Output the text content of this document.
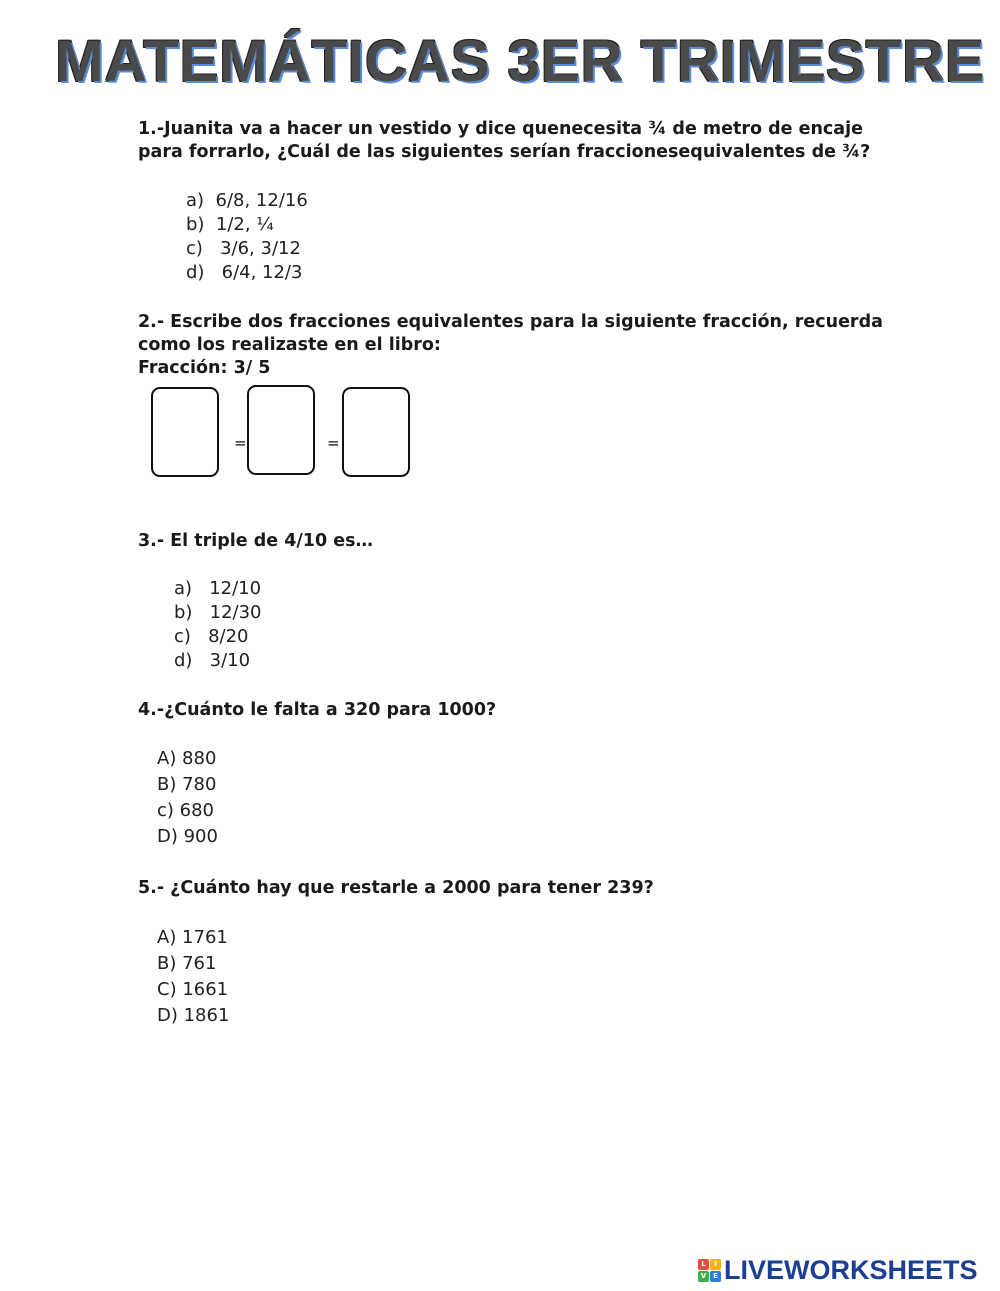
MATEMÁTICAS 3ER TRIMESTRE
1.-Juanita va a hacer un vestido y dice quenecesita ¾ de metro de encaje
para forrarlo, ¿Cuál de las siguientes serían fraccionesequivalentes de ¾?
a)  6/8, 12/16
b)  1/2, ¼
c)   3/6, 3/12
d)   6/4, 12/3
2.- Escribe dos fracciones equivalentes para la siguiente fracción, recuerda
como los realizaste en el libro:
Fracción: 3/ 5
=	=
3.- El triple de 4/10 es…
a)   12/10
b)   12/30
c)   8/20
d)   3/10
4.-¿Cuánto le falta a 320 para 1000?
A) 880
B) 780
c) 680
D) 900
5.- ¿Cuánto hay que restarle a 2000 para tener 239?
A) 1761
B) 761
C) 1661
D) 1861
L	I
V E LIVEWORKSHEETS
